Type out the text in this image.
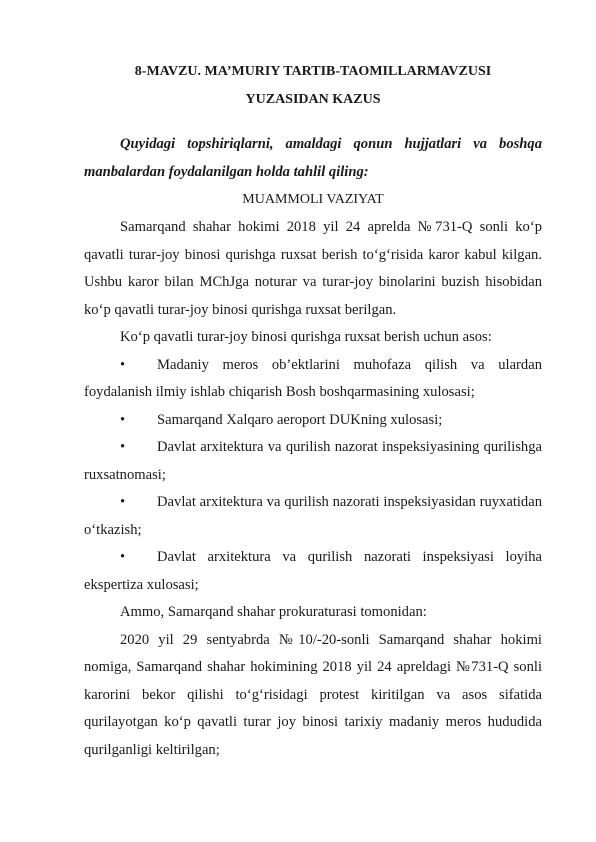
8-MAVZU. MA’MURIY TARTIB-TAOMILLARMAVZUSI
YUZASIDAN KAZUS

Quyidagi topshiriqlarni, amaldagi qonun hujjatlari va boshqa manbalardan foydalanilgan holda tahlil qiling:

MUAMMOLI VAZIYAT

Samarqand shahar hokimi 2018 yil 24 aprelda №731-Q sonli ko‘p qavatli turar-joy binosi qurishga ruxsat berish to‘g‘risida karor kabul kilgan. Ushbu karor bilan MChJga noturar va turar-joy binolarini buzish hisobidan ko‘p qavatli turar-joy binosi qurishga ruxsat berilgan.

Ko‘p qavatli turar-joy binosi qurishga ruxsat berish uchun asos:

• Madaniy meros ob’ektlarini muhofaza qilish va ulardan foydalanish ilmiy ishlab chiqarish Bosh boshqarmasining xulosasi;

• Samarqand Xalqaro aeroport DUKning xulosasi;

• Davlat arxitektura va qurilish nazorat inspeksiyasining qurilishga ruxsatnomasi;

• Davlat arxitektura va qurilish nazorati inspeksiyasidan ruyxatidan o‘tkazish;

• Davlat arxitektura va qurilish nazorati inspeksiyasi loyiha ekspertiza xulosasi;

Ammo, Samarqand shahar prokuraturasi tomonidan:

2020 yil 29 sentyabrda №10/-20-sonli Samarqand shahar hokimi nomiga, Samarqand shahar hokimining 2018 yil 24 apreldagi №731-Q sonli karorini bekor qilishi to‘g‘risidagi protest kiritilgan va asos sifatida qurilayotgan ko‘p qavatli turar joy binosi tarixiy madaniy meros hududida qurilganligi keltirilgan;
